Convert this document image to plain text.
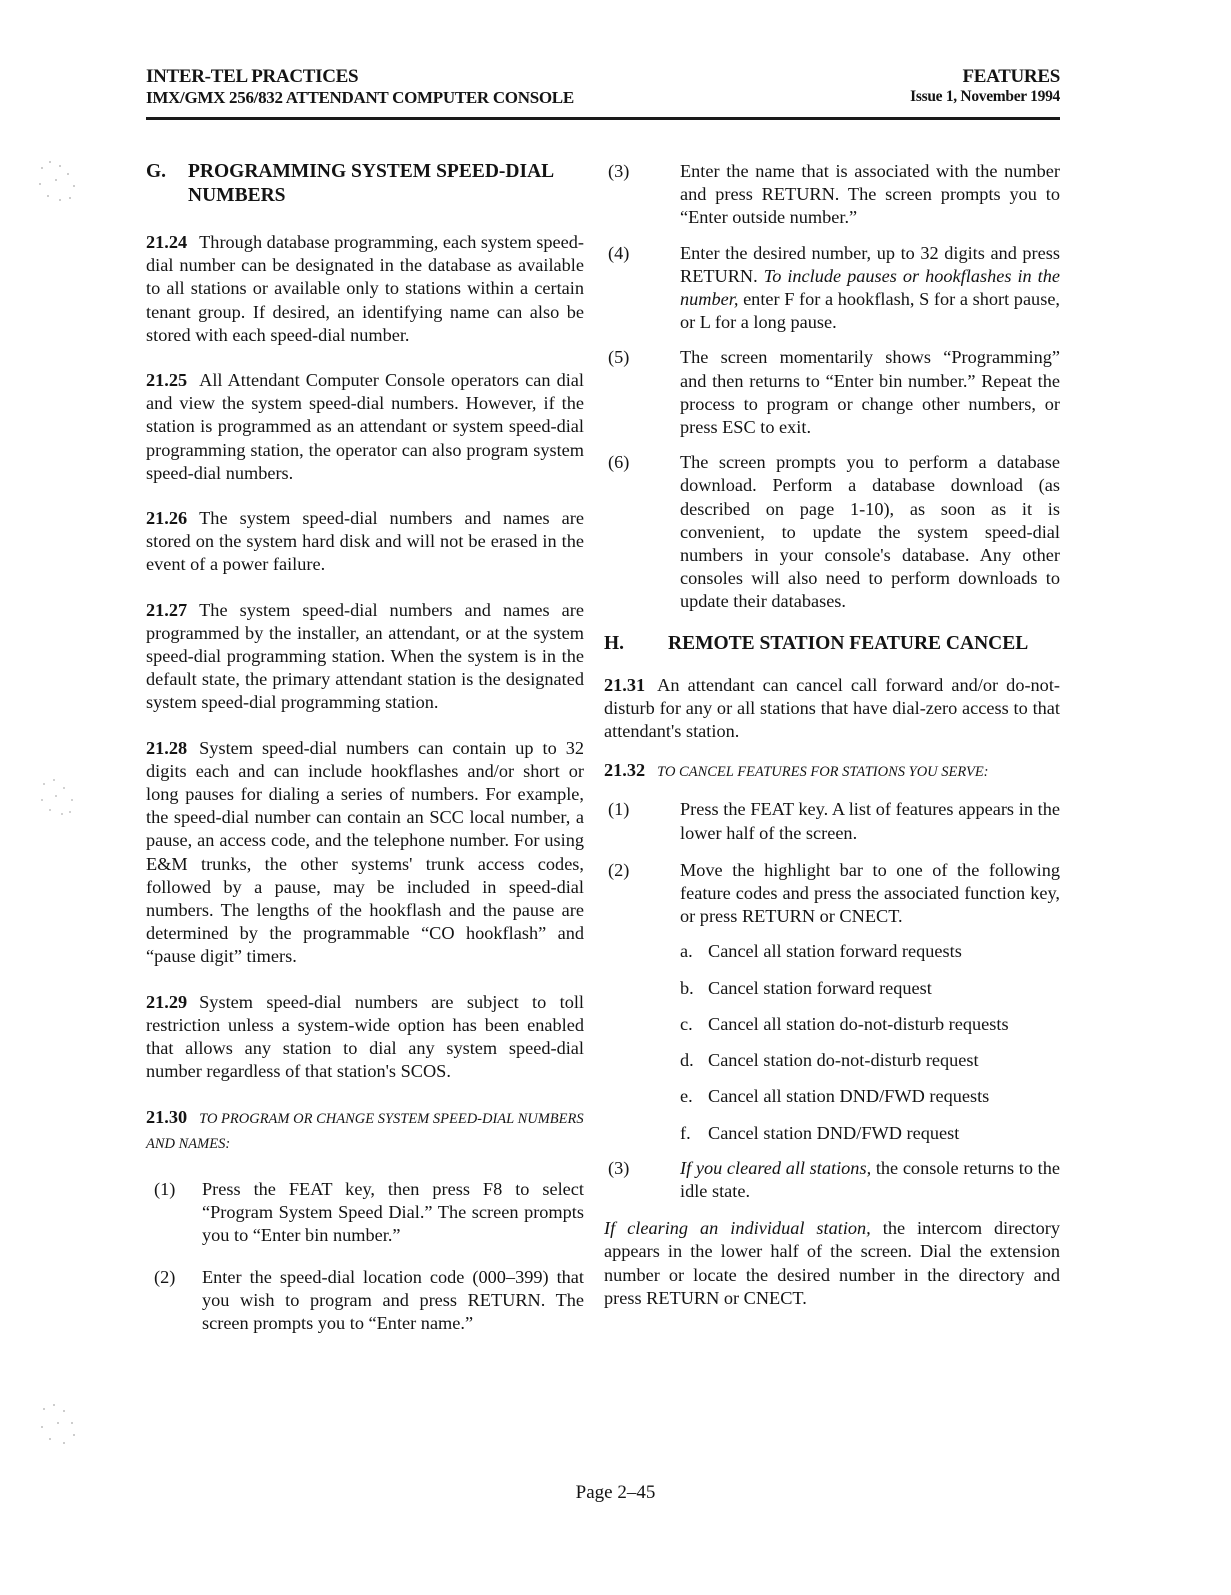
INTER-TEL PRACTICES
IMX/GMX 256/832 ATTENDANT COMPUTER CONSOLE
FEATURES
Issue 1, November 1994
G.	PROGRAMMING SYSTEM SPEED-DIAL NUMBERS

21.24 Through database programming, each system speed-dial number can be designated in the database as available to all stations or available only to stations within a certain tenant group. If desired, an identifying name can also be stored with each speed-dial number.

21.25 All Attendant Computer Console operators can dial and view the system speed-dial numbers. However, if the station is programmed as an attendant or system speed-dial programming station, the operator can also program system speed-dial numbers.

21.26 The system speed-dial numbers and names are stored on the system hard disk and will not be erased in the event of a power failure.

21.27 The system speed-dial numbers and names are programmed by the installer, an attendant, or at the system speed-dial programming station. When the system is in the default state, the primary attendant station is the designated system speed-dial programming station.

21.28 System speed-dial numbers can contain up to 32 digits each and can include hookflashes and/or short or long pauses for dialing a series of numbers. For example, the speed-dial number can contain an SCC local number, a pause, an access code, and the telephone number. For using E&M trunks, the other systems' trunk access codes, followed by a pause, may be included in speed-dial numbers. The lengths of the hookflash and the pause are determined by the programmable “CO hookflash” and “pause digit” timers.

21.29 System speed-dial numbers are subject to toll restriction unless a system-wide option has been enabled that allows any station to dial any system speed-dial number regardless of that station's SCOS.

21.30 TO PROGRAM OR CHANGE SYSTEM SPEED-DIAL NUMBERS AND NAMES:

(1)	Press the FEAT key, then press F8 to select “Program System Speed Dial.” The screen prompts you to “Enter bin number.”
(2)	Enter the speed-dial location code (000–399) that you wish to program and press RETURN. The screen prompts you to “Enter name.”
(3)	Enter the name that is associated with the number and press RETURN. The screen prompts you to “Enter outside number.”
(4)	Enter the desired number, up to 32 digits and press RETURN. To include pauses or hookflashes in the number, enter F for a hookflash, S for a short pause, or L for a long pause.
(5)	The screen momentarily shows “Programming” and then returns to “Enter bin number.” Repeat the process to program or change other numbers, or press ESC to exit.
(6)	The screen prompts you to perform a database download. Perform a database download (as described on page 1-10), as soon as it is convenient, to update the system speed-dial numbers in your console's database. Any other consoles will also need to perform downloads to update their databases.
H.	REMOTE STATION FEATURE CANCEL

21.31 An attendant can cancel call forward and/or do-not-disturb for any or all stations that have dial-zero access to that attendant's station.

21.32 TO CANCEL FEATURES FOR STATIONS YOU SERVE:

(1)	Press the FEAT key. A list of features appears in the lower half of the screen.
(2)	Move the highlight bar to one of the following feature codes and press the associated function key, or press RETURN or CNECT.
a. Cancel all station forward requests
b. Cancel station forward request
c. Cancel all station do-not-disturb requests
d. Cancel station do-not-disturb request
e. Cancel all station DND/FWD requests
f. Cancel station DND/FWD request
(3)	If you cleared all stations, the console returns to the idle state.

If clearing an individual station, the intercom directory appears in the lower half of the screen. Dial the extension number or locate the desired number in the directory and press RETURN or CNECT.

Page 2–45
